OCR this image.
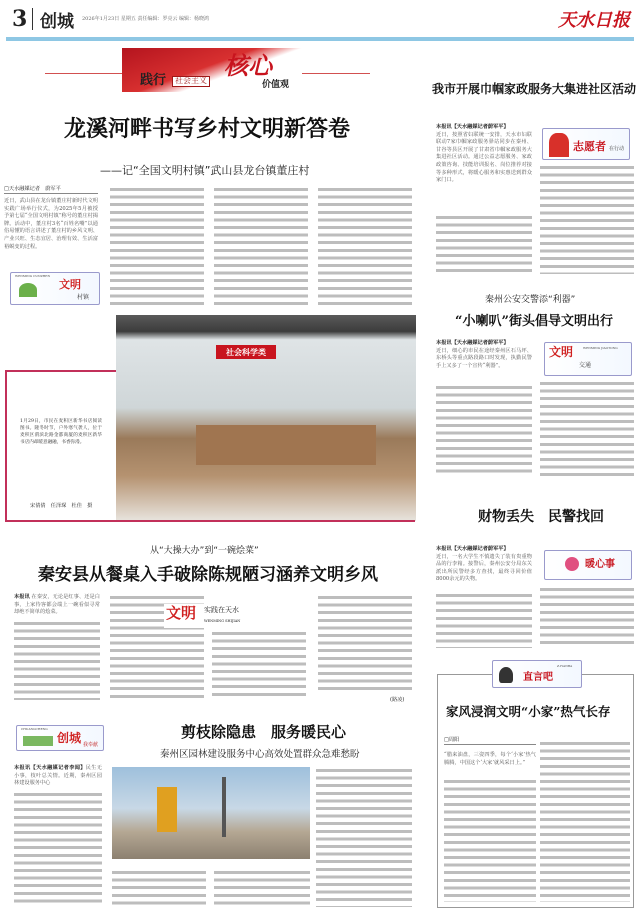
3 创城 2026年1月23日 星期五 责任编辑：罗亮云 编辑：杨晓鸿	天水日报
践行	社会主义
核心
价值观
龙溪河畔书写乡村文明新答卷
——记“全国文明村镇”武山县龙台镇董庄村
□天水融媒记者　蔚军平
近日，武山县在龙台镇董庄村新时代文明实践广场举行仪式，为2025年5月被授予第七届“全国文明村镇”称号的董庄村揭牌。活动中，董庄村3名“百姓名嘴”以通俗易懂的语言讲述了董庄村的乡风文明、产业兴旺、生态宜居、治理有效、生活富裕蜕变的过程。
文明
WENMING CUNZHEN
村镇
1月29日，市民在麦积区新华书店阅读图书。隆冬时节，户外寒气袭人，位于麦积区渭滨北路金都商厦的麦积区新华书店内却暖意融融，书香弥漫。
宋倩倩　任泽琛　杜佳　摄
社会科学类
从“大操大办”到“一碗烩菜”
秦安县从餐桌入手破除陈规陋习涵养文明乡风
本报讯 在秦安，无论是红事、还是白事，上家待客都会端上一碗看似寻常却绝不简单的烩菜。	文明 实践在天水
WENMING SHIJIAN
(路凌)
创城
CHUANGCHENG
我奉献
剪枝除隐患　服务暖民心
秦州区园林建设服务中心高效处置群众急难愁盼
本报讯【天水融媒记者李闻】民生无小事，枝叶总关情。近期，秦州区园林建设服务中心
我市开展巾帼家政服务大集进社区活动
本报讯【天水融媒记者蔚军平】
近日，按照省妇联统一安排，天水市妇联联动7家巾帼家政服务驿站同步在秦州、甘谷等县区开展了甘肃省巾帼家政服务大集进社区活动。通过公益志愿服务、家政政策咨询、技能培训报名、岗位推荐对接等多种形式，将暖心服务和实惠送到群众家门口。
志愿者 在行动
秦州公安交警添“利器”
“小喇叭”街头倡导文明出行
本报讯【天水融媒记者蔚军平】
近日，细心的市民在途经秦州区石马坪、东桥头等重点路段路口时发现，执勤民警手上又多了一个宣传“利器”。
文明	WENMING JIAOTONG
交通
财物丢失　民警找回
本报讯【天水融媒记者蔚军平】
近日，一名大学生不慎遗失了装有贵重物品的行李箱。接警后，秦州公安分局东关派出所民警经多方查找，最终寻回价值8000余元的失物。
暖心事
直言吧
Z-IYANBA
家风浸润文明“小家”热气长存
□周阳
“腊来油盘，三姿四季，每个‘小家’热气腾腾，中国这个‘大家’就风采日上。”
